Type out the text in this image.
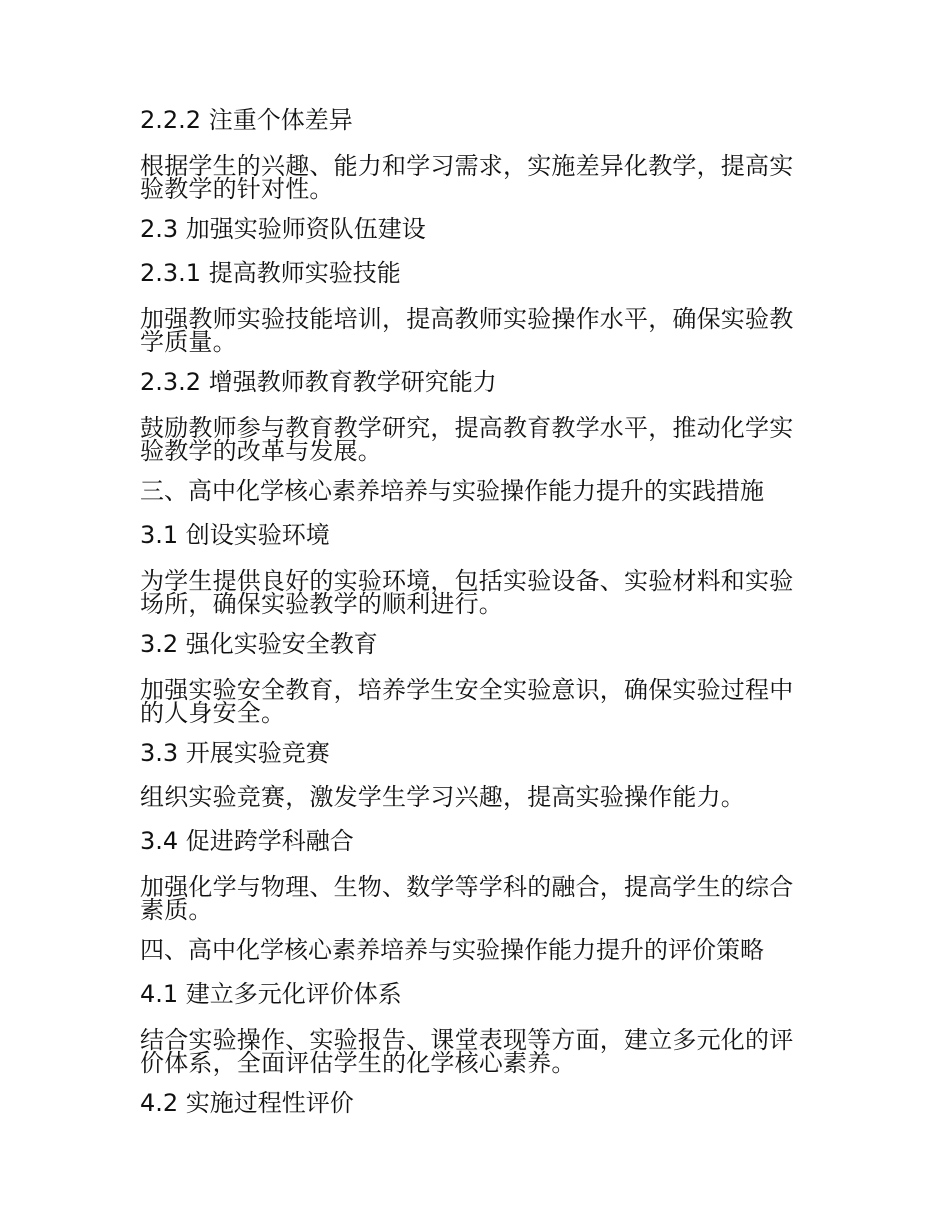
2.2.2 注重个体差异
根据学生的兴趣、能力和学习需求，实施差异化教学，提高实验教学的针对性。
2.3 加强实验师资队伍建设
2.3.1 提高教师实验技能
加强教师实验技能培训，提高教师实验操作水平，确保实验教学质量。
2.3.2 增强教师教育教学研究能力
鼓励教师参与教育教学研究，提高教育教学水平，推动化学实验教学的改革与发展。
三、高中化学核心素养培养与实验操作能力提升的实践措施
3.1 创设实验环境
为学生提供良好的实验环境，包括实验设备、实验材料和实验场所，确保实验教学的顺利进行。
3.2 强化实验安全教育
加强实验安全教育，培养学生安全实验意识，确保实验过程中的人身安全。
3.3 开展实验竞赛
组织实验竞赛，激发学生学习兴趣，提高实验操作能力。
3.4 促进跨学科融合
加强化学与物理、生物、数学等学科的融合，提高学生的综合素质。
四、高中化学核心素养培养与实验操作能力提升的评价策略
4.1 建立多元化评价体系
结合实验操作、实验报告、课堂表现等方面，建立多元化的评价体系，全面评估学生的化学核心素养。
4.2 实施过程性评价
